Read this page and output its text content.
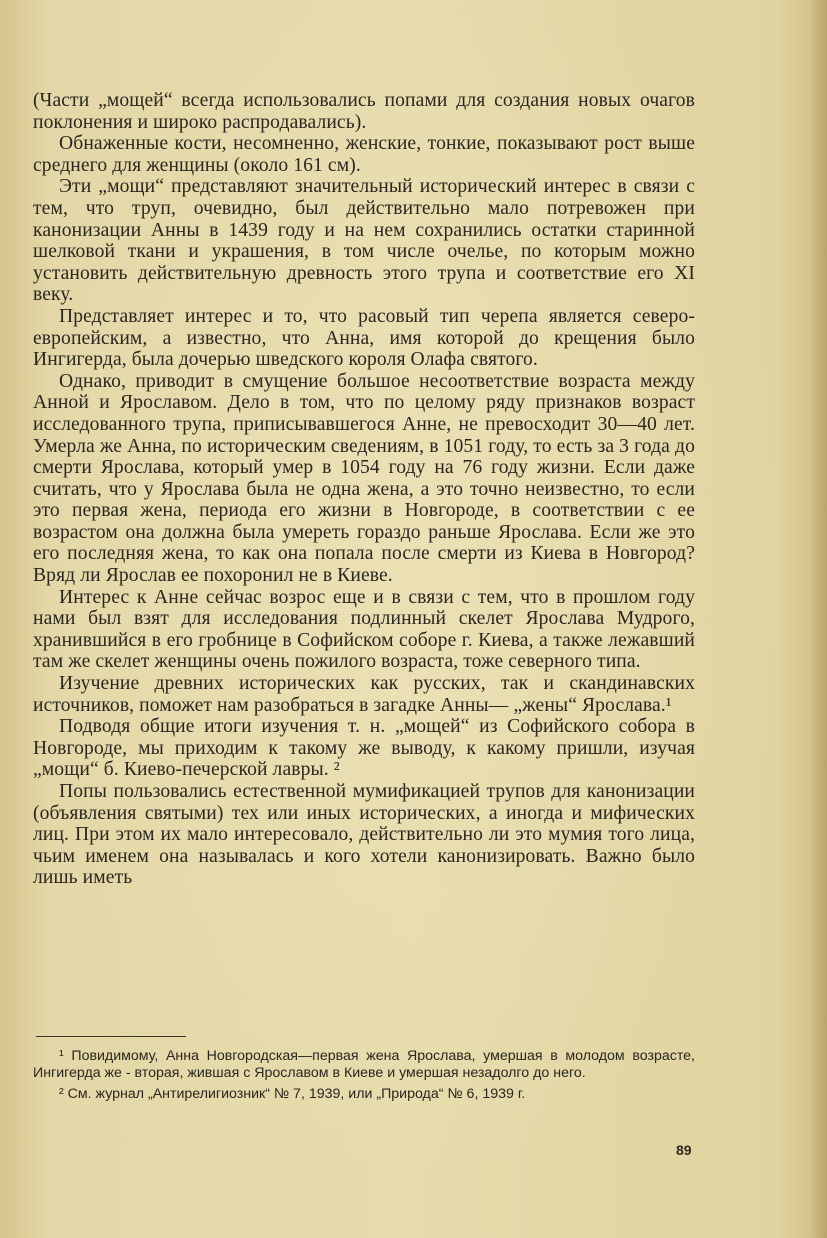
(Части „мощей“ всегда использовались попами для создания новых очагов поклонения и широко распродавались).

Обнаженные кости, несомненно, женские, тонкие, показывают рост выше среднего для женщины (около 161 см).

Эти „мощи“ представляют значительный исторический интерес в связи с тем, что труп, очевидно, был действительно мало потревожен при канонизации Анны в 1439 году и на нем сохранились остатки старинной шелковой ткани и украшения, в том числе очелье, по которым можно установить действительную древность этого трупа и соответствие его XI веку.

Представляет интерес и то, что расовый тип черепа является северо-европейским, а известно, что Анна, имя которой до крещения было Ингигерда, была дочерью шведского короля Олафа святого.

Однако, приводит в смущение большое несоответствие возраста между Анной и Ярославом. Дело в том, что по целому ряду признаков возраст исследованного трупа, приписывавшегося Анне, не превосходит 30—40 лет. Умерла же Анна, по историческим сведениям, в 1051 году, то есть за 3 года до смерти Ярослава, который умер в 1054 году на 76 году жизни. Если даже считать, что у Ярослава была не одна жена, а это точно неизвестно, то если это первая жена, периода его жизни в Новгороде, в соответствии с ее возрастом она должна была умереть гораздо раньше Ярослава. Если же это его последняя жена, то как она попала после смерти из Киева в Новгород? Вряд ли Ярослав ее похоронил не в Киеве.

Интерес к Анне сейчас возрос еще и в связи с тем, что в прошлом году нами был взят для исследования подлинный скелет Ярослава Мудрого, хранившийся в его гробнице в Софийском соборе г. Киева, а также лежавший там же скелет женщины очень пожилого возраста, тоже северного типа.

Изучение древних исторических как русских, так и скандинавских источников, поможет нам разобраться в загадке Анны— „жены“ Ярослава.¹

Подводя общие итоги изучения т. н. „мощей“ из Софийского собора в Новгороде, мы приходим к такому же выводу, к какому пришли, изучая „мощи“ б. Киево-печерской лавры. ²

Попы пользовались естественной мумификацией трупов для канонизации (объявления святыми) тех или иных исторических, а иногда и мифических лиц. При этом их мало интересовало, действительно ли это мумия того лица, чьим именем она называлась и кого хотели канонизировать. Важно было лишь иметь

¹ Повидимому, Анна Новгородская—первая жена Ярослава, умершая в молодом возрасте, Ингигерда же - вторая, жившая с Ярославом в Киеве и умершая незадолго до него.

² См. журнал „Антирелигиозник“ № 7, 1939, или „Природа“ № 6, 1939 г.

89
